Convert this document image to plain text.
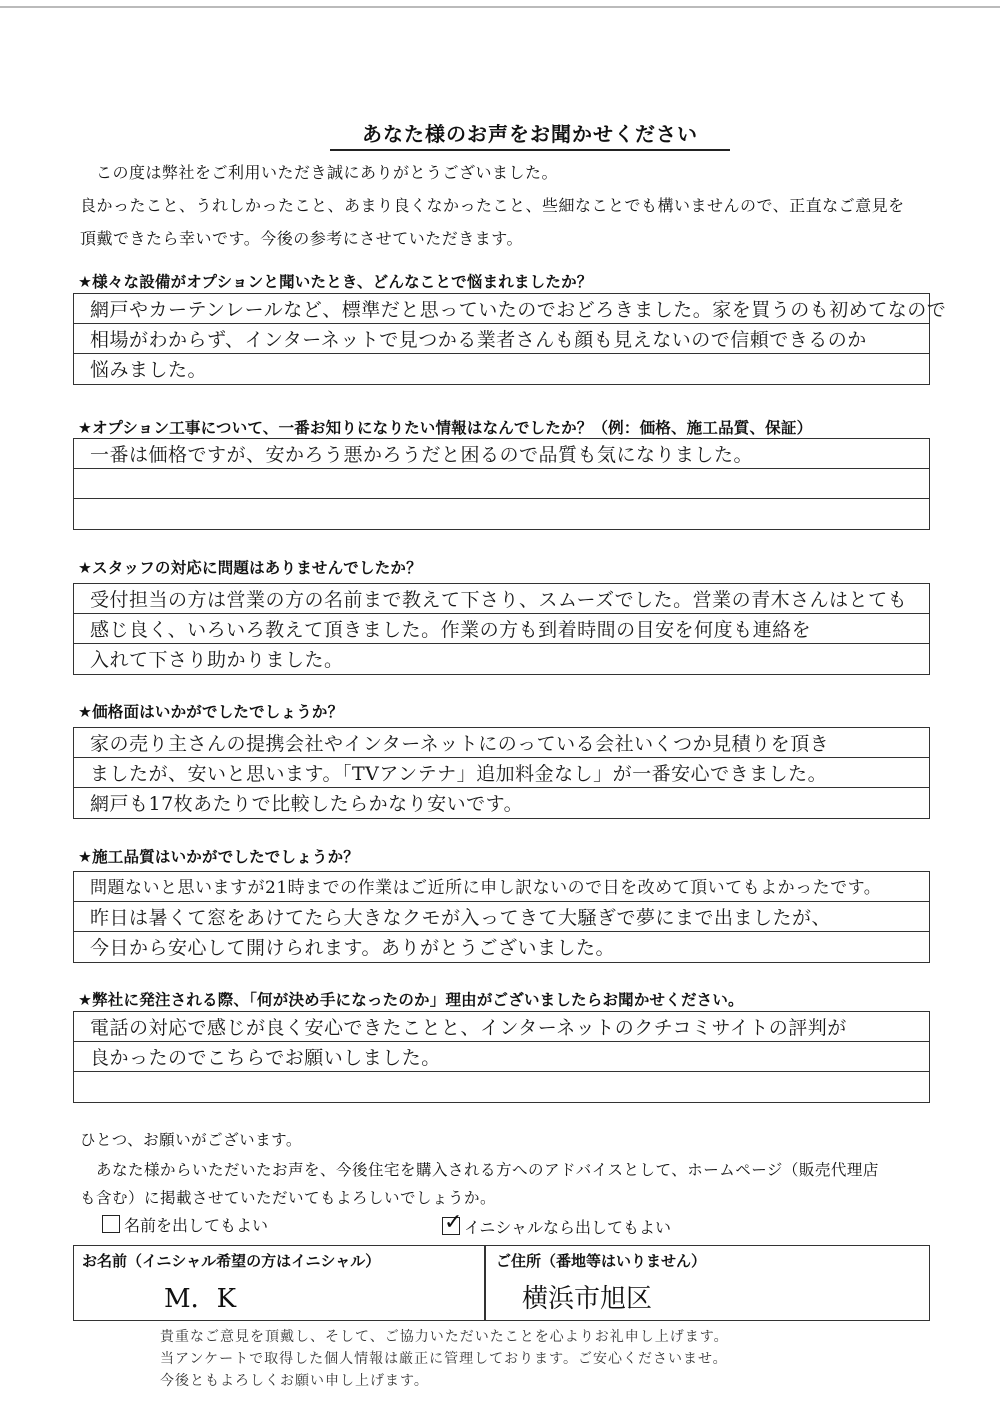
あなた様のお声をお聞かせください
この度は弊社をご利用いただき誠にありがとうございました。
良かったこと、うれしかったこと、あまり良くなかったこと、些細なことでも構いませんので、正直なご意見を
頂戴できたら幸いです。今後の参考にさせていただきます。
★様々な設備がオプションと聞いたとき、どんなことで悩まれましたか？
網戸やカーテンレールなど、標準だと思っていたのでおどろきました。家を買うのも初めてなので
相場がわからず、インターネットで見つかる業者さんも顔も見えないので信頼できるのか
悩みました。
★オプション工事について、一番お知りになりたい情報はなんでしたか？（例：価格、施工品質、保証）
一番は価格ですが、安かろう悪かろうだと困るので品質も気になりました。
★スタッフの対応に問題はありませんでしたか？
受付担当の方は営業の方の名前まで教えて下さり、スムーズでした。営業の青木さんはとても
感じ良く、いろいろ教えて頂きました。作業の方も到着時間の目安を何度も連絡を
入れて下さり助かりました。
★価格面はいかがでしたでしょうか？
家の売り主さんの提携会社やインターネットにのっている会社いくつか見積りを頂き
ましたが、安いと思います。「TVアンテナ」追加料金なし」が一番安心できました。
網戸も17枚あたりで比較したらかなり安いです。
★施工品質はいかがでしたでしょうか？
問題ないと思いますが21時までの作業はご近所に申し訳ないので日を改めて頂いてもよかったです。
昨日は暑くて窓をあけてたら大きなクモが入ってきて大騒ぎで夢にまで出ましたが、
今日から安心して開けられます。ありがとうございました。
★弊社に発注される際、「何が決め手になったのか」理由がございましたらお聞かせください。
電話の対応で感じが良く安心できたことと、インターネットのクチコミサイトの評判が
良かったのでこちらでお願いしました。
ひとつ、お願いがございます。
　あなた様からいただいたお声を、今後住宅を購入される方へのアドバイスとして、ホームページ（販売代理店
も含む）に掲載させていただいてもよろしいでしょうか。
名前を出してもよい	✓ イニシャルなら出してもよい
お名前（イニシャル希望の方はイニシャル）
M．K
ご住所（番地等はいりません）
横浜市旭区
貴重なご意見を頂戴し、そして、ご協力いただいたことを心よりお礼申し上げます。
当アンケートで取得した個人情報は厳正に管理しております。ご安心くださいませ。
今後ともよろしくお願い申し上げます。
